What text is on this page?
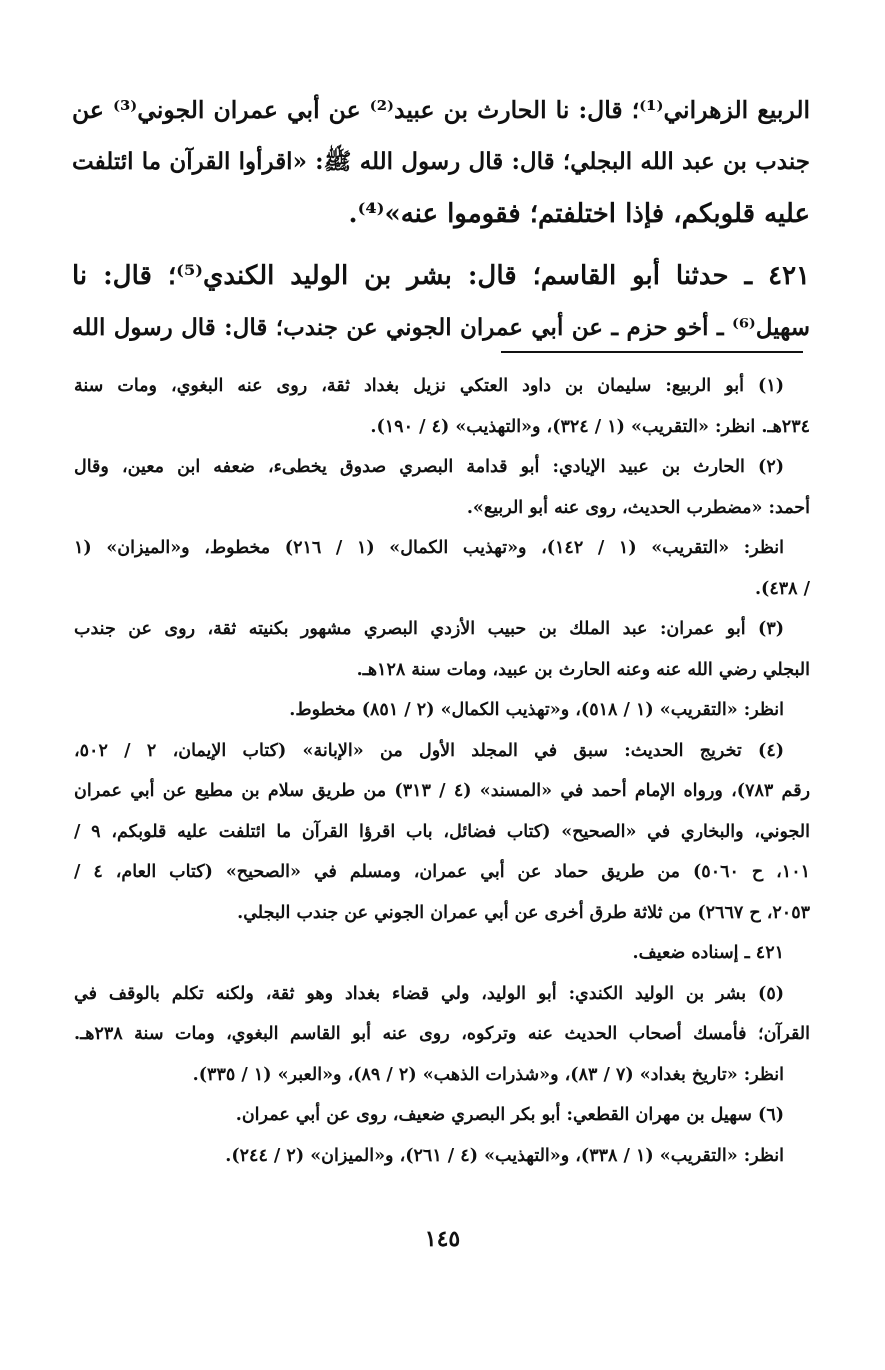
الربيع الزهراني⁽¹⁾؛ قال: نا الحارث بن عبيد⁽²⁾ عن أبي عمران الجوني⁽³⁾ عن
جندب بن عبد الله البجلي؛ قال: قال رسول الله ﷺ: «اقرأوا القرآن ما ائتلفت
عليه قلوبكم، فإذا اختلفتم؛ فقوموا عنه»⁽⁴⁾.
٤٢١ ـ حدثنا أبو القاسم؛ قال: بشر بن الوليد الكندي⁽⁵⁾؛ قال: نا
سهيل⁽⁶⁾ ـ أخو حزم ـ عن أبي عمران الجوني عن جندب؛ قال: قال رسول الله
(١) أبو الربيع: سليمان بن داود العتكي نزيل بغداد ثقة، روى عنه البغوي، ومات سنة
٢٣٤هـ. انظر: «التقريب» (١ / ٣٢٤)، و«التهذيب» (٤ / ١٩٠).
(٢) الحارث بن عبيد الإيادي: أبو قدامة البصري صدوق يخطىء، ضعفه ابن معين، وقال
أحمد: «مضطرب الحديث، روى عنه أبو الربيع».
انظر: «التقريب» (١ / ١٤٢)، و«تهذيب الكمال» (١ / ٢١٦) مخطوط، و«الميزان» (١
/ ٤٣٨).
(٣) أبو عمران: عبد الملك بن حبيب الأزدي البصري مشهور بكنيته ثقة، روى عن جندب
البجلي رضي الله عنه وعنه الحارث بن عبيد، ومات سنة ١٢٨هـ.
انظر: «التقريب» (١ / ٥١٨)، و«تهذيب الكمال» (٢ / ٨٥١) مخطوط.
(٤) تخريج الحديث: سبق في المجلد الأول من «الإبانة» (كتاب الإيمان، ٢ / ٥٠٢،
رقم ٧٨٣)، ورواه الإمام أحمد في «المسند» (٤ / ٣١٣) من طريق سلام بن مطيع عن أبي عمران
الجوني، والبخاري في «الصحيح» (كتاب فضائل، باب اقرؤا القرآن ما ائتلفت عليه قلوبكم، ٩ /
١٠١، ح ٥٠٦٠) من طريق حماد عن أبي عمران، ومسلم في «الصحيح» (كتاب العام، ٤ /
٢٠٥٣، ح ٢٦٦٧) من ثلاثة طرق أخرى عن أبي عمران الجوني عن جندب البجلي.
٤٢١ ـ إسناده ضعيف.
(٥) بشر بن الوليد الكندي: أبو الوليد، ولي قضاء بغداد وهو ثقة، ولكنه تكلم بالوقف في
القرآن؛ فأمسك أصحاب الحديث عنه وتركوه، روى عنه أبو القاسم البغوي، ومات سنة ٢٣٨هـ.
انظر: «تاريخ بغداد» (٧ / ٨٣)، و«شذرات الذهب» (٢ / ٨٩)، و«العبر» (١ / ٣٣٥).
(٦) سهيل بن مهران القطعي: أبو بكر البصري ضعيف، روى عن أبي عمران.
انظر: «التقريب» (١ / ٣٣٨)، و«التهذيب» (٤ / ٢٦١)، و«الميزان» (٢ / ٢٤٤).
١٤٥
